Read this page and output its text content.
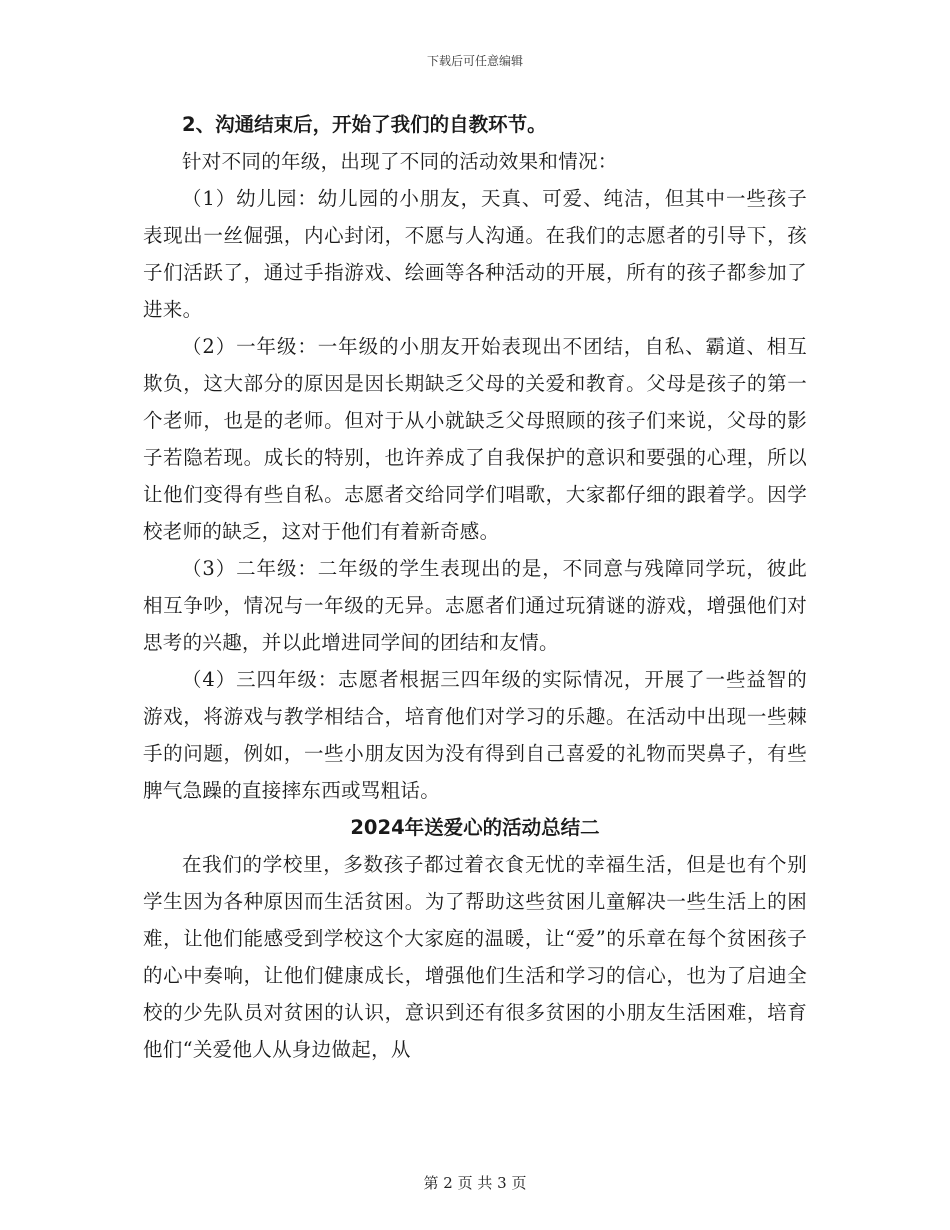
下载后可任意编辑

2、沟通结束后，开始了我们的自教环节。

针对不同的年级，出现了不同的活动效果和情况：

（1）幼儿园：幼儿园的小朋友，天真、可爱、纯洁，但其中一些孩子表现出一丝倔强，内心封闭，不愿与人沟通。在我们的志愿者的引导下，孩子们活跃了，通过手指游戏、绘画等各种活动的开展，所有的孩子都参加了进来。

（2）一年级：一年级的小朋友开始表现出不团结，自私、霸道、相互欺负，这大部分的原因是因长期缺乏父母的关爱和教育。父母是孩子的第一个老师，也是的老师。但对于从小就缺乏父母照顾的孩子们来说，父母的影子若隐若现。成长的特别，也许养成了自我保护的意识和要强的心理，所以让他们变得有些自私。志愿者交给同学们唱歌，大家都仔细的跟着学。因学校老师的缺乏，这对于他们有着新奇感。

（3）二年级：二年级的学生表现出的是，不同意与残障同学玩，彼此相互争吵，情况与一年级的无异。志愿者们通过玩猜谜的游戏，增强他们对思考的兴趣，并以此增进同学间的团结和友情。

（4）三四年级：志愿者根据三四年级的实际情况，开展了一些益智的游戏，将游戏与教学相结合，培育他们对学习的乐趣。在活动中出现一些棘手的问题，例如，一些小朋友因为没有得到自己喜爱的礼物而哭鼻子，有些脾气急躁的直接摔东西或骂粗话。

2024年送爱心的活动总结二

在我们的学校里，多数孩子都过着衣食无忧的幸福生活，但是也有个别学生因为各种原因而生活贫困。为了帮助这些贫困儿童解决一些生活上的困难，让他们能感受到学校这个大家庭的温暖，让“爱”的乐章在每个贫困孩子的心中奏响，让他们健康成长，增强他们生活和学习的信心，也为了启迪全校的少先队员对贫困的认识，意识到还有很多贫困的小朋友生活困难，培育他们“关爱他人从身边做起，从

第 2 页 共 3 页
